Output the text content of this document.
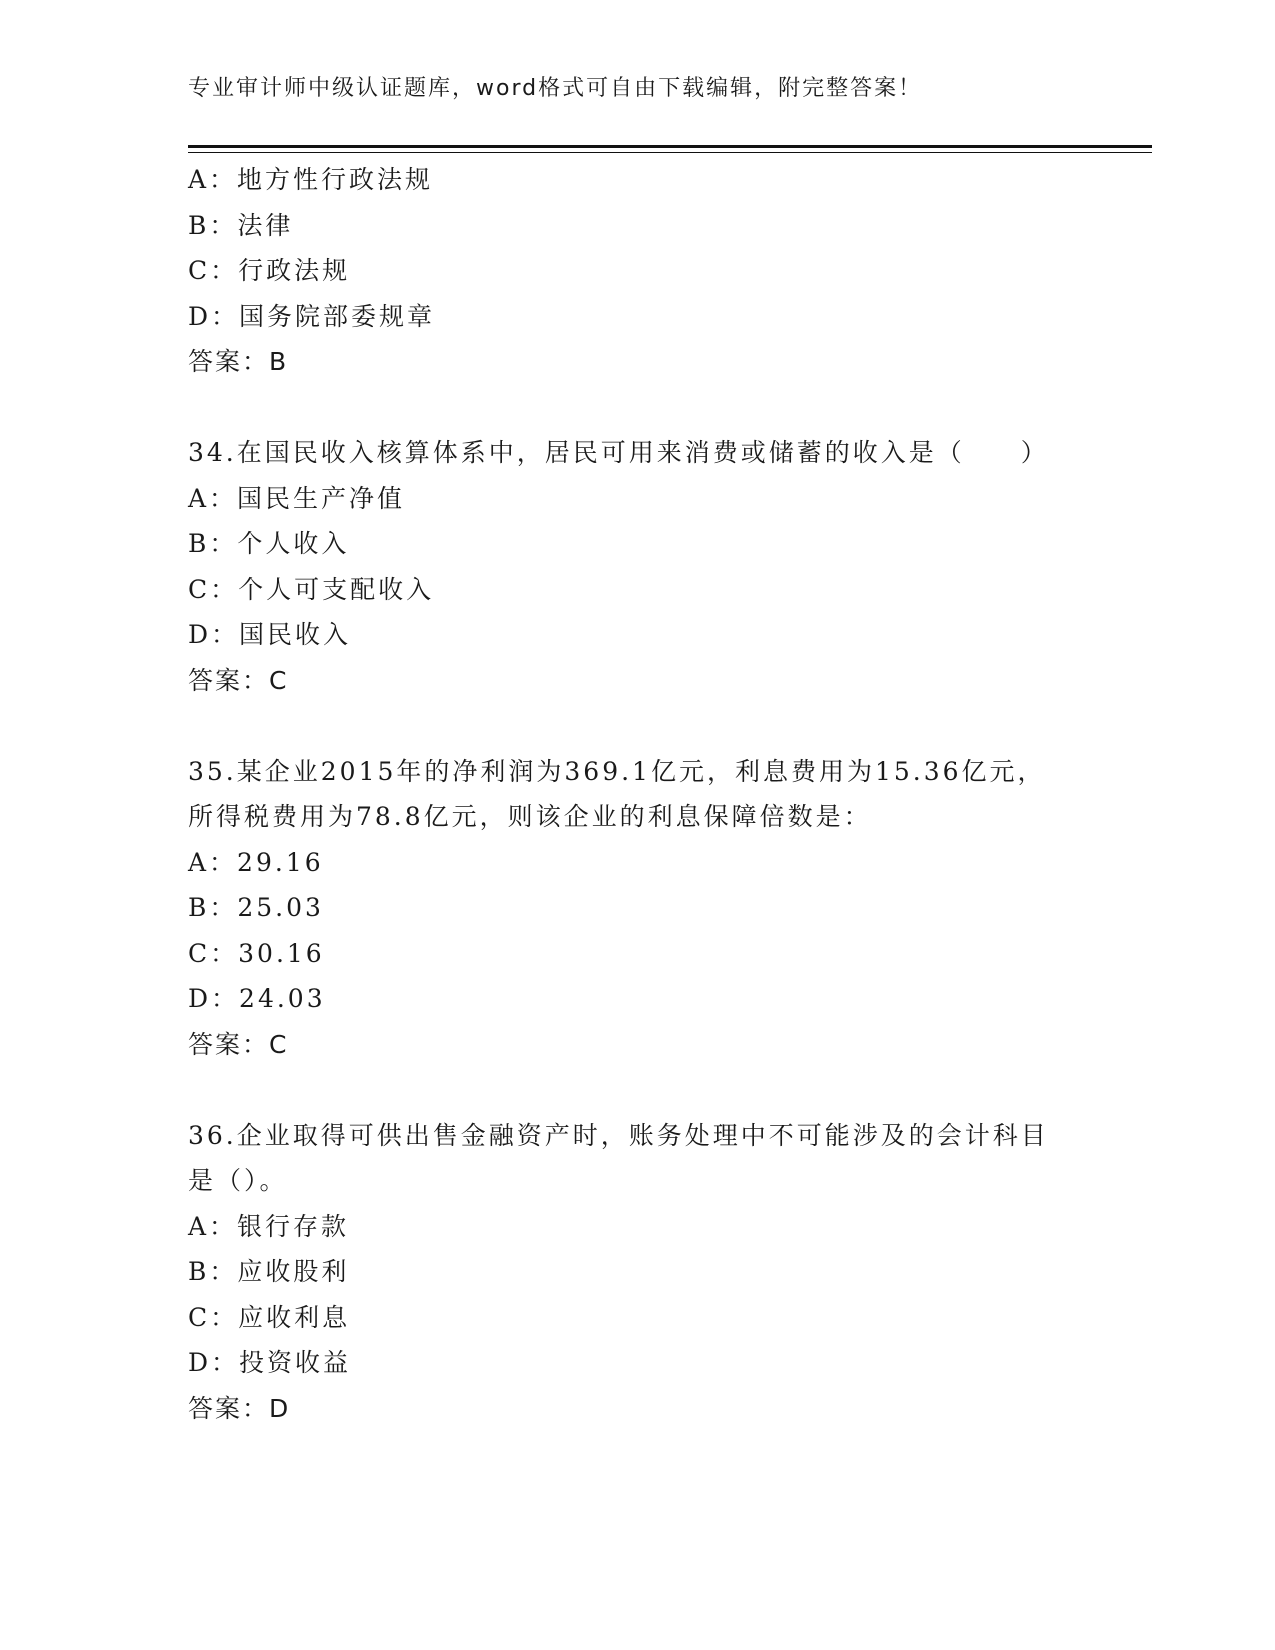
专业审计师中级认证题库，word格式可自由下载编辑，附完整答案！
A：地方性行政法规
B：法律
C：行政法规
D：国务院部委规章
答案：B
34.在国民收入核算体系中，居民可用来消费或储蓄的收入是（　　）
A：国民生产净值
B：个人收入
C：个人可支配收入
D：国民收入
答案：C
35.某企业2015年的净利润为369.1亿元，利息费用为15.36亿元，
所得税费用为78.8亿元，则该企业的利息保障倍数是：
A：29.16
B：25.03
C：30.16
D：24.03
答案：C
36.企业取得可供出售金融资产时，账务处理中不可能涉及的会计科目
是（）。
A：银行存款
B：应收股利
C：应收利息
D：投资收益
答案：D
